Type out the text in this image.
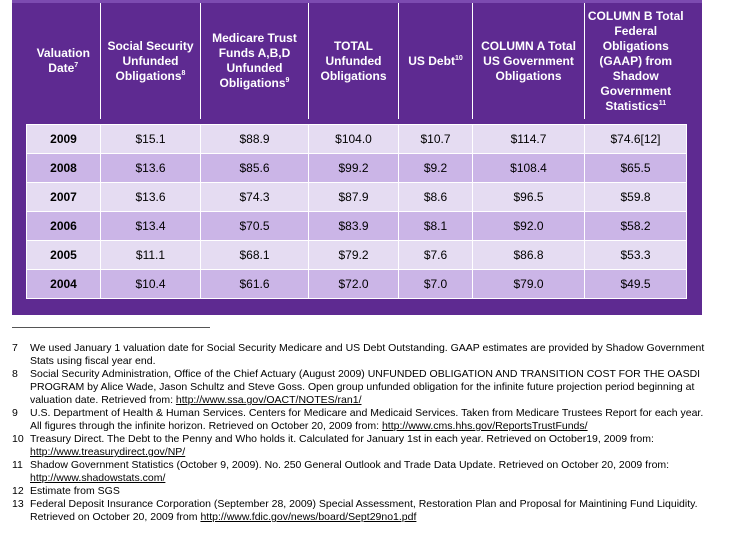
Valuation Date$^7$	Social Security Unfunded Obligations$^8$	Medicare Trust Funds A,B,D Unfunded Obligations$^9$	TOTAL Unfunded Obligations	US Debt$^{10}$	COLUMN A Total US Government Obligations	COLUMN B Total Federal Obligations (GAAP) from Shadow Government Statistics$^{11}$

2009	$15.1	$88.9	$104.0	$10.7	$114.7	$74.6[12]
2008	$13.6	$85.6	$99.2	$9.2	$108.4	$65.5
2007	$13.6	$74.3	$87.9	$8.6	$96.5	$59.8
2006	$13.4	$70.5	$83.9	$8.1	$92.0	$58.2
2005	$11.1	$68.1	$79.2	$7.6	$86.8	$53.3
2004	$10.4	$61.6	$72.0	$7.0	$79.0	$49.5
7	We used January 1 valuation date for Social Security Medicare and US Debt Outstanding. GAAP estimates are provided by Shadow Government Stats using fiscal year end.
8	Social Security Administration, Office of the Chief Actuary (August 2009) UNFUNDED OBLIGATION AND TRANSITION COST FOR THE OASDI PROGRAM by Alice Wade, Jason Schultz and Steve Goss. Open group unfunded obligation for the infinite future projection period beginning at valuation date. Retrieved from: http://www.ssa.gov/OACT/NOTES/ran1/
9	U.S. Department of Health & Human Services. Centers for Medicare and Medicaid Services. Taken from Medicare Trustees Report for each year. All figures through the infinite horizon. Retrieved on October 20, 2009 from: http://www.cms.hhs.gov/ReportsTrustFunds/
10 Treasury Direct. The Debt to the Penny and Who holds it. Calculated for January 1st in each year. Retrieved on October19, 2009 from: http://www.treasurydirect.gov/NP/
11 Shadow Government Statistics (October 9, 2009). No. 250 General Outlook and Trade Data Update. Retrieved on October 20, 2009 from: http://www.shadowstats.com/
12 Estimate from SGS
13 Federal Deposit Insurance Corporation (September 28, 2009) Special Assessment, Restoration Plan and Proposal for Maintining Fund Liquidity. Retrieved on October 20, 2009 from http://www.fdic.gov/news/board/Sept29no1.pdf
